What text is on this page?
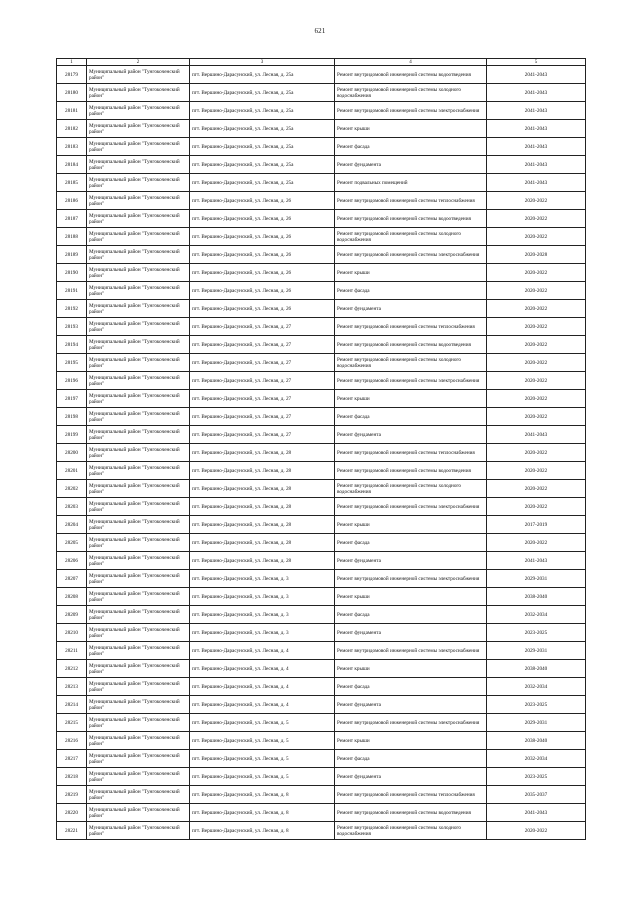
621
1	2	3	4	5
28179	Муниципальный район "Тунгокоченский район"	пгт. Вершино-Дарасунский, ул. Лесная, д. 25а	Ремонт внутридомовой инженерной системы водоотведения	2041-2043
28180	Муниципальный район "Тунгокоченский район"	пгт. Вершино-Дарасунский, ул. Лесная, д. 25а	Ремонт внутридомовой инженерной системы холодного водоснабжения	2041-2043
28181	Муниципальный район "Тунгокоченский район"	пгт. Вершино-Дарасунский, ул. Лесная, д. 25а	Ремонт внутридомовой инженерной системы электроснабжения	2041-2043
28182	Муниципальный район "Тунгокоченский район"	пгт. Вершино-Дарасунский, ул. Лесная, д. 25а	Ремонт крыши	2041-2043
28183	Муниципальный район "Тунгокоченский район"	пгт. Вершино-Дарасунский, ул. Лесная, д. 25а	Ремонт фасада	2041-2043
28184	Муниципальный район "Тунгокоченский район"	пгт. Вершино-Дарасунский, ул. Лесная, д. 25а	Ремонт фундамента	2041-2043
28185	Муниципальный район "Тунгокоченский район"	пгт. Вершино-Дарасунский, ул. Лесная, д. 25а	Ремонт подвальных помещений	2041-2043
28186	Муниципальный район "Тунгокоченский район"	пгт. Вершино-Дарасунский, ул. Лесная, д. 26	Ремонт внутридомовой инженерной системы теплоснабжения	2020-2022
28187	Муниципальный район "Тунгокоченский район"	пгт. Вершино-Дарасунский, ул. Лесная, д. 26	Ремонт внутридомовой инженерной системы водоотведения	2020-2022
28188	Муниципальный район "Тунгокоченский район"	пгт. Вершино-Дарасунский, ул. Лесная, д. 26	Ремонт внутридомовой инженерной системы холодного водоснабжения	2020-2022
28189	Муниципальный район "Тунгокоченский район"	пгт. Вершино-Дарасунский, ул. Лесная, д. 26	Ремонт внутридомовой инженерной системы электроснабжения	2020-2028
28190	Муниципальный район "Тунгокоченский район"	пгт. Вершино-Дарасунский, ул. Лесная, д. 26	Ремонт крыши	2020-2022
28191	Муниципальный район "Тунгокоченский район"	пгт. Вершино-Дарасунский, ул. Лесная, д. 26	Ремонт фасада	2020-2022
28192	Муниципальный район "Тунгокоченский район"	пгт. Вершино-Дарасунский, ул. Лесная, д. 26	Ремонт фундамента	2020-2022
28193	Муниципальный район "Тунгокоченский район"	пгт. Вершино-Дарасунский, ул. Лесная, д. 27	Ремонт внутридомовой инженерной системы теплоснабжения	2020-2022
28194	Муниципальный район "Тунгокоченский район"	пгт. Вершино-Дарасунский, ул. Лесная, д. 27	Ремонт внутридомовой инженерной системы водоотведения	2020-2022
28195	Муниципальный район "Тунгокоченский район"	пгт. Вершино-Дарасунский, ул. Лесная, д. 27	Ремонт внутридомовой инженерной системы холодного водоснабжения	2020-2022
28196	Муниципальный район "Тунгокоченский район"	пгт. Вершино-Дарасунский, ул. Лесная, д. 27	Ремонт внутридомовой инженерной системы электроснабжения	2020-2022
28197	Муниципальный район "Тунгокоченский район"	пгт. Вершино-Дарасунский, ул. Лесная, д. 27	Ремонт крыши	2020-2022
28198	Муниципальный район "Тунгокоченский район"	пгт. Вершино-Дарасунский, ул. Лесная, д. 27	Ремонт фасада	2020-2022
28199	Муниципальный район "Тунгокоченский район"	пгт. Вершино-Дарасунский, ул. Лесная, д. 27	Ремонт фундамента	2041-2043
28200	Муниципальный район "Тунгокоченский район"	пгт. Вершино-Дарасунский, ул. Лесная, д. 28	Ремонт внутридомовой инженерной системы теплоснабжения	2020-2022
28201	Муниципальный район "Тунгокоченский район"	пгт. Вершино-Дарасунский, ул. Лесная, д. 28	Ремонт внутридомовой инженерной системы водоотведения	2020-2022
28202	Муниципальный район "Тунгокоченский район"	пгт. Вершино-Дарасунский, ул. Лесная, д. 28	Ремонт внутридомовой инженерной системы холодного водоснабжения	2020-2022
28203	Муниципальный район "Тунгокоченский район"	пгт. Вершино-Дарасунский, ул. Лесная, д. 28	Ремонт внутридомовой инженерной системы электроснабжения	2020-2022
28204	Муниципальный район "Тунгокоченский район"	пгт. Вершино-Дарасунский, ул. Лесная, д. 28	Ремонт крыши	2017-2019
28205	Муниципальный район "Тунгокоченский район"	пгт. Вершино-Дарасунский, ул. Лесная, д. 28	Ремонт фасада	2020-2022
28206	Муниципальный район "Тунгокоченский район"	пгт. Вершино-Дарасунский, ул. Лесная, д. 28	Ремонт фундамента	2041-2043
28207	Муниципальный район "Тунгокоченский район"	пгт. Вершино-Дарасунский, ул. Лесная, д. 3	Ремонт внутридомовой инженерной системы электроснабжения	2029-2031
28208	Муниципальный район "Тунгокоченский район"	пгт. Вершино-Дарасунский, ул. Лесная, д. 3	Ремонт крыши	2038-2040
28209	Муниципальный район "Тунгокоченский район"	пгт. Вершино-Дарасунский, ул. Лесная, д. 3	Ремонт фасада	2032-2034
28210	Муниципальный район "Тунгокоченский район"	пгт. Вершино-Дарасунский, ул. Лесная, д. 3	Ремонт фундамента	2023-2025
28211	Муниципальный район "Тунгокоченский район"	пгт. Вершино-Дарасунский, ул. Лесная, д. 4	Ремонт внутридомовой инженерной системы электроснабжения	2029-2031
28212	Муниципальный район "Тунгокоченский район"	пгт. Вершино-Дарасунский, ул. Лесная, д. 4	Ремонт крыши	2038-2040
28213	Муниципальный район "Тунгокоченский район"	пгт. Вершино-Дарасунский, ул. Лесная, д. 4	Ремонт фасада	2032-2034
28214	Муниципальный район "Тунгокоченский район"	пгт. Вершино-Дарасунский, ул. Лесная, д. 4	Ремонт фундамента	2023-2025
28215	Муниципальный район "Тунгокоченский район"	пгт. Вершино-Дарасунский, ул. Лесная, д. 5	Ремонт внутридомовой инженерной системы электроснабжения	2029-2031
28216	Муниципальный район "Тунгокоченский район"	пгт. Вершино-Дарасунский, ул. Лесная, д. 5	Ремонт крыши	2038-2040
28217	Муниципальный район "Тунгокоченский район"	пгт. Вершино-Дарасунский, ул. Лесная, д. 5	Ремонт фасада	2032-2034
28218	Муниципальный район "Тунгокоченский район"	пгт. Вершино-Дарасунский, ул. Лесная, д. 5	Ремонт фундамента	2023-2025
28219	Муниципальный район "Тунгокоченский район"	пгт. Вершино-Дарасунский, ул. Лесная, д. 8	Ремонт внутридомовой инженерной системы теплоснабжения	2035-2037
28220	Муниципальный район "Тунгокоченский район"	пгт. Вершино-Дарасунский, ул. Лесная, д. 8	Ремонт внутридомовой инженерной системы водоотведения	2041-2043
28221	Муниципальный район "Тунгокоченский район"	пгт. Вершино-Дарасунский, ул. Лесная, д. 8	Ремонт внутридомовой инженерной системы холодного водоснабжения	2020-2022
